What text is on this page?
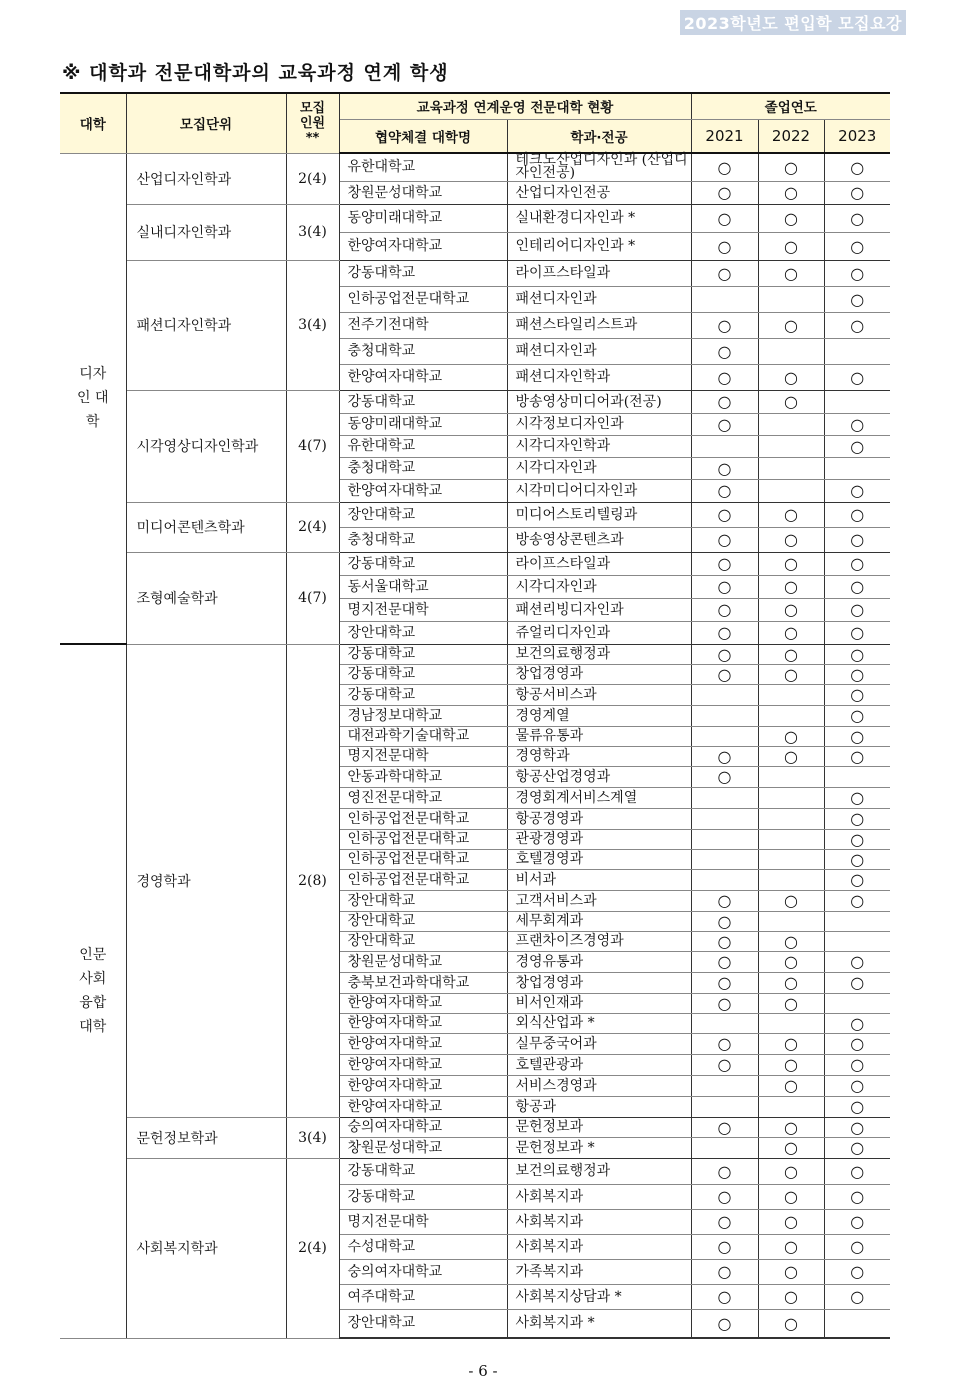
2023학년도 편입학 모집요강
※ 대학과 전문대학과의 교육과정 연계 학생
대학	모집단위	모집 인원 **	교육과정 연계운영 전문대학 현황		졸업연도		
			협약체결 대학명	학과·전공	2021	2022	2023
디자인 대학	산업디자인학과	2(4)	유한대학교	테크노산업디자인과 (산업디자인전공)	○	○	○
			창원문성대학교	산업디자인전공	○	○	○
	실내디자인학과	3(4)	동양미래대학교	실내환경디자인과 *	○	○	○
			한양여자대학교	인테리어디자인과 *	○	○	○
	패션디자인학과	3(4)	강동대학교	라이프스타일과	○	○	○
			인하공업전문대학교	패션디자인과			○
			전주기전대학	패션스타일리스트과	○	○	○
			충청대학교	패션디자인과	○		
			한양여자대학교	패션디자인학과	○	○	○
	시각영상디자인학과	4(7)	강동대학교	방송영상미디어과(전공)	○	○	
			동양미래대학교	시각정보디자인과	○		○
			유한대학교	시각디자인학과			○
			충청대학교	시각디자인과	○		
			한양여자대학교	시각미디어디자인과	○		○
	미디어콘텐츠학과	2(4)	장안대학교	미디어스토리텔링과	○	○	○
			충청대학교	방송영상콘텐츠과	○	○	○
	조형예술학과	4(7)	강동대학교	라이프스타일과	○	○	○
			동서울대학교	시각디자인과	○	○	○
			명지전문대학	패션리빙디자인과	○	○	○
			장안대학교	쥬얼리디자인과	○	○	○
인문 사회 융합 대학	경영학과	2(8)	강동대학교	보건의료행정과	○	○	○
			강동대학교	창업경영과	○	○	○
			강동대학교	항공서비스과			○
			경남정보대학교	경영계열			○
			대전과학기술대학교	물류유통과		○	○
			명지전문대학	경영학과	○	○	○
			안동과학대학교	항공산업경영과	○		
			영진전문대학교	경영회계서비스계열			○
			인하공업전문대학교	항공경영과			○
			인하공업전문대학교	관광경영과			○
			인하공업전문대학교	호텔경영과			○
			인하공업전문대학교	비서과			○
			장안대학교	고객서비스과	○	○	○
			장안대학교	세무회계과	○		
			장안대학교	프랜차이즈경영과	○	○	
			창원문성대학교	경영유통과	○	○	○
			충북보건과학대학교	창업경영과	○	○	○
			한양여자대학교	비서인재과	○	○	
			한양여자대학교	외식산업과 *			○
			한양여자대학교	실무중국어과	○	○	○
			한양여자대학교	호텔관광과	○	○	○
			한양여자대학교	서비스경영과		○	○
			한양여자대학교	항공과			○
	문헌정보학과	3(4)	숭의여자대학교	문헌정보과	○	○	○
			창원문성대학교	문헌정보과 *		○	○
	사회복지학과	2(4)	강동대학교	보건의료행정과	○	○	○
			강동대학교	사회복지과	○	○	○
			명지전문대학	사회복지과	○	○	○
			수성대학교	사회복지과	○	○	○
			숭의여자대학교	가족복지과	○	○	○
			여주대학교	사회복지상담과 *	○	○	○
			장안대학교	사회복지과 *	○	○	
- 6 -
